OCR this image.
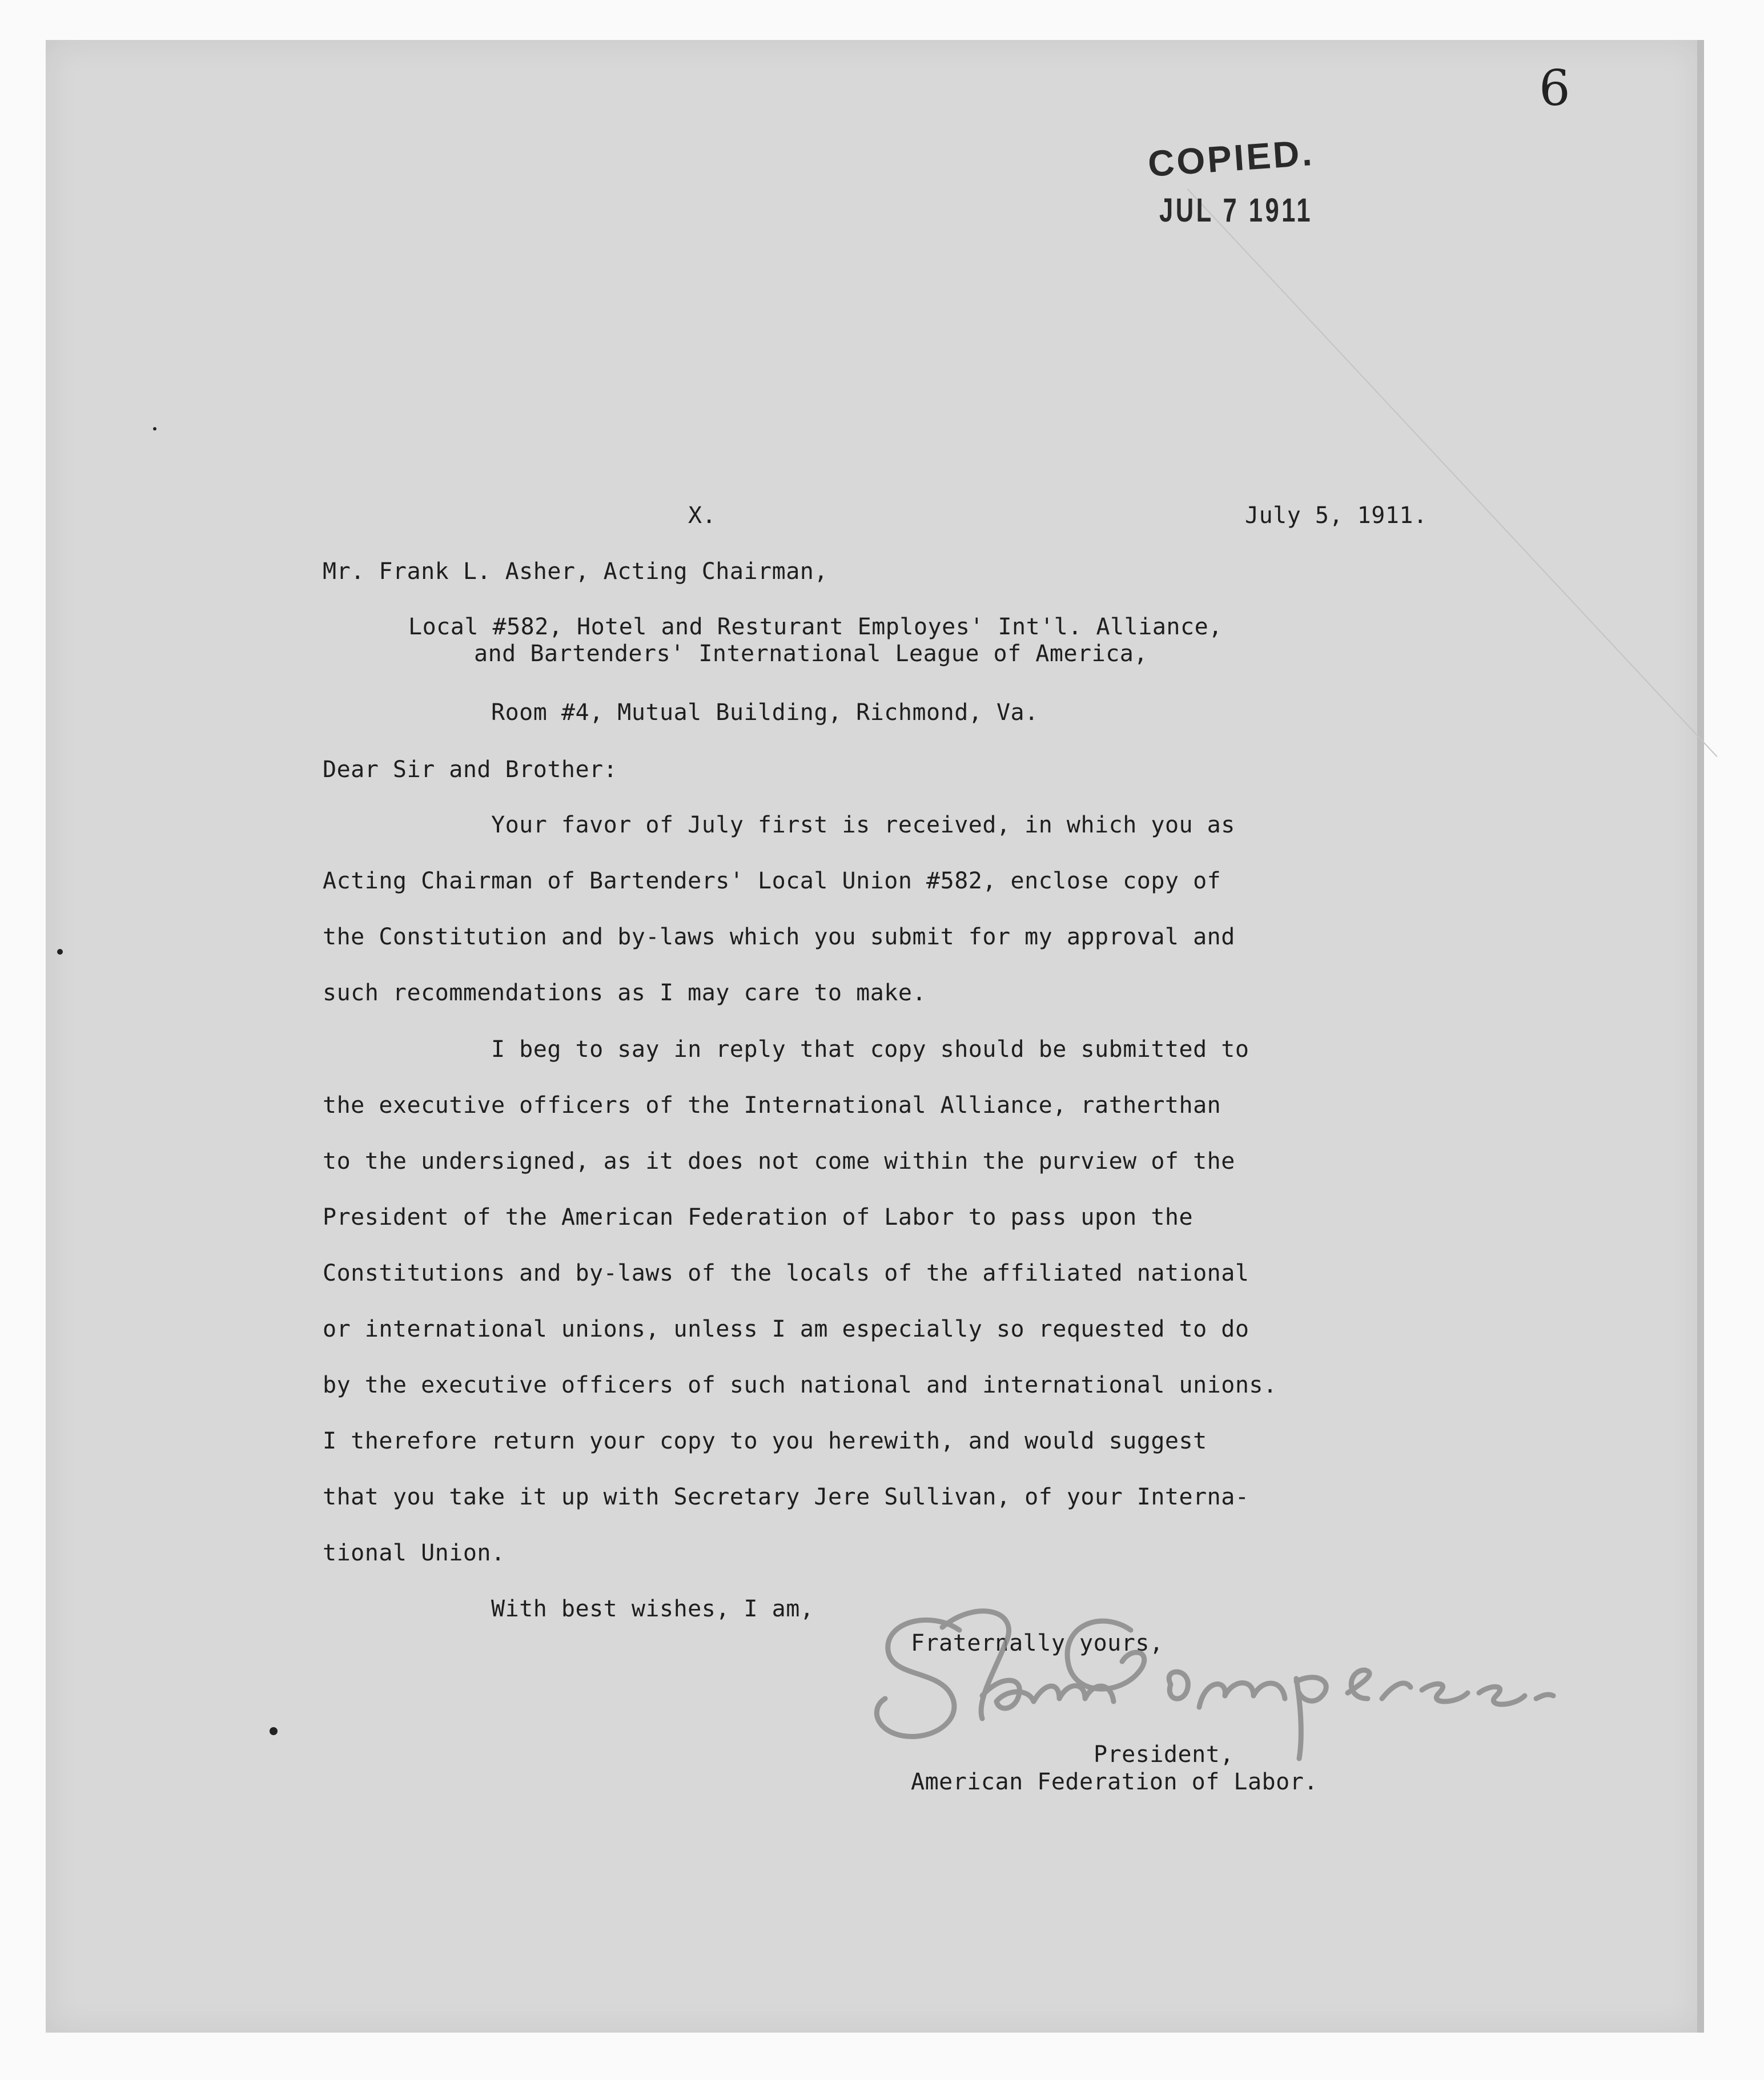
6
COPIED.
JUL 7 1911
X.	July 5, 1911.
Mr. Frank L. Asher, Acting Chairman,
Local #582, Hotel and Resturant Employes' Int'l. Alliance,
and Bartenders' International League of America,
Room #4, Mutual Building, Richmond, Va.
Dear Sir and Brother:
Your favor of July first is received, in which you as
Acting Chairman of Bartenders' Local Union #582, enclose copy of
the Constitution and by-laws which you submit for my approval and
such recommendations as I may care to make.
I beg to say in reply that copy should be submitted to
the executive officers of the International Alliance, ratherthan
to the undersigned, as it does not come within the purview of the
President of the American Federation of Labor to pass upon the
Constitutions and by-laws of the locals of the affiliated national
or international unions, unless I am especially so requested to do
by the executive officers of such national and international unions.
I therefore return your copy to you herewith, and would suggest
that you take it up with Secretary Jere Sullivan, of your Interna-
tional Union.
With best wishes, I am,
Fraternally yours,
President,
American Federation of Labor.
